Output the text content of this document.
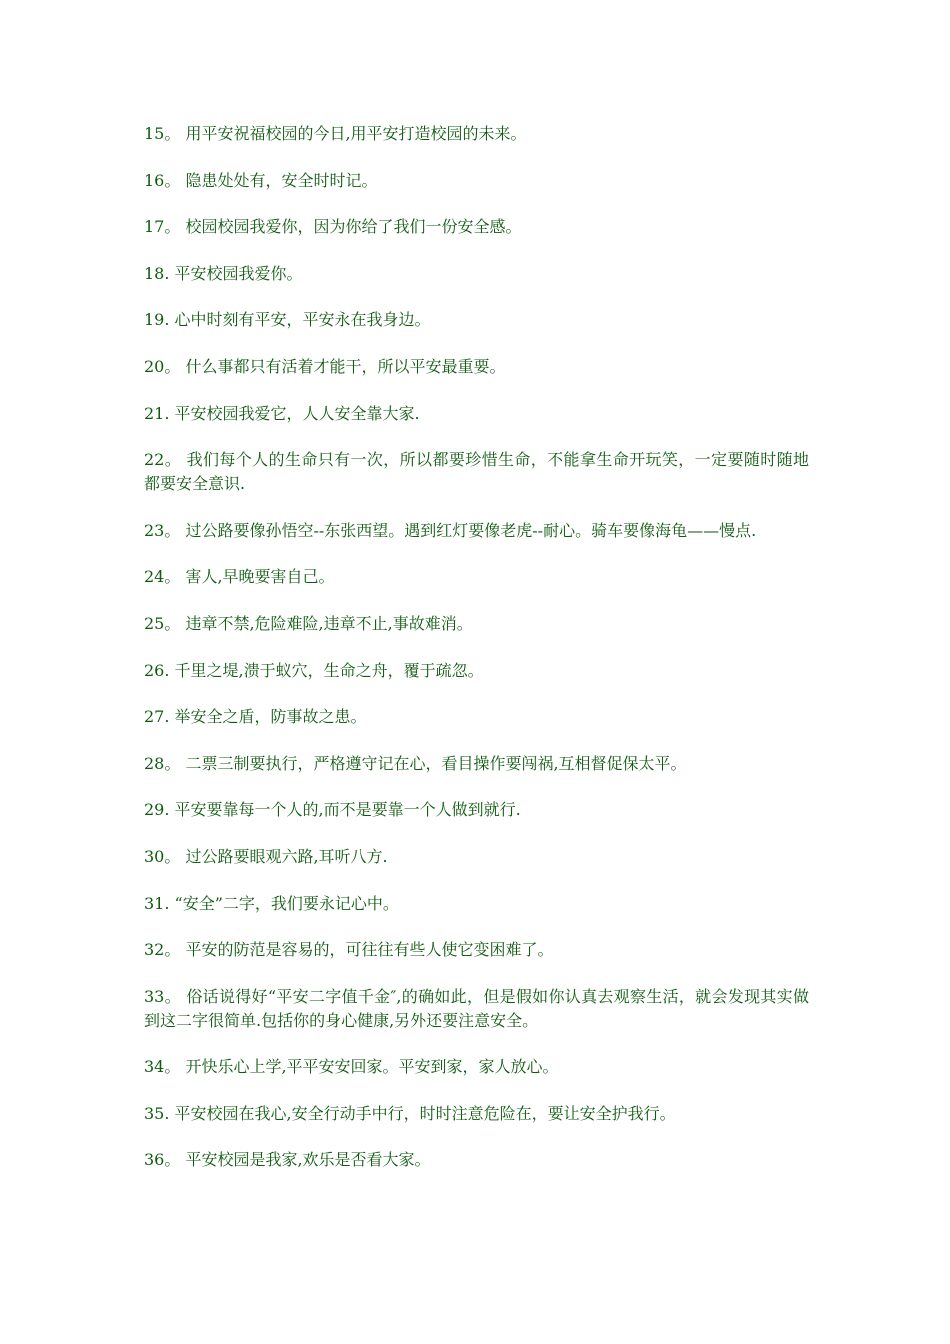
15。 用平安祝福校园的今日,用平安打造校园的未来。
16。 隐患处处有，安全时时记。
17。 校园校园我爱你，因为你给了我们一份安全感。
18. 平安校园我爱你。
19. 心中时刻有平安，平安永在我身边。
20。 什么事都只有活着才能干，所以平安最重要。
21. 平安校园我爱它，人人安全靠大家.
22。 我们每个人的生命只有一次，所以都要珍惜生命，不能拿生命开玩笑，一定要随时随地都要安全意识.
23。 过公路要像孙悟空--东张西望。遇到红灯要像老虎--耐心。骑车要像海龟——慢点.
24。 害人,早晚要害自己。
25。 违章不禁,危险难险,违章不止,事故难消。
26. 千里之堤,溃于蚁穴，生命之舟，覆于疏忽。
27. 举安全之盾，防事故之患。
28。 二票三制要执行，严格遵守记在心，看目操作要闯祸,互相督促保太平。
29. 平安要靠每一个人的,而不是要靠一个人做到就行.
30。 过公路要眼观六路,耳听八方.
31. “安全”二字，我们要永记心中。
32。 平安的防范是容易的，可往往有些人使它变困难了。
33。 俗话说得好“平安二字值千金″,的确如此，但是假如你认真去观察生活，就会发现其实做到这二字很简单.包括你的身心健康,另外还要注意安全。
34。 开快乐心上学,平平安安回家。平安到家，家人放心。
35. 平安校园在我心,安全行动手中行，时时注意危险在，要让安全护我行。
36。 平安校园是我家,欢乐是否看大家。
